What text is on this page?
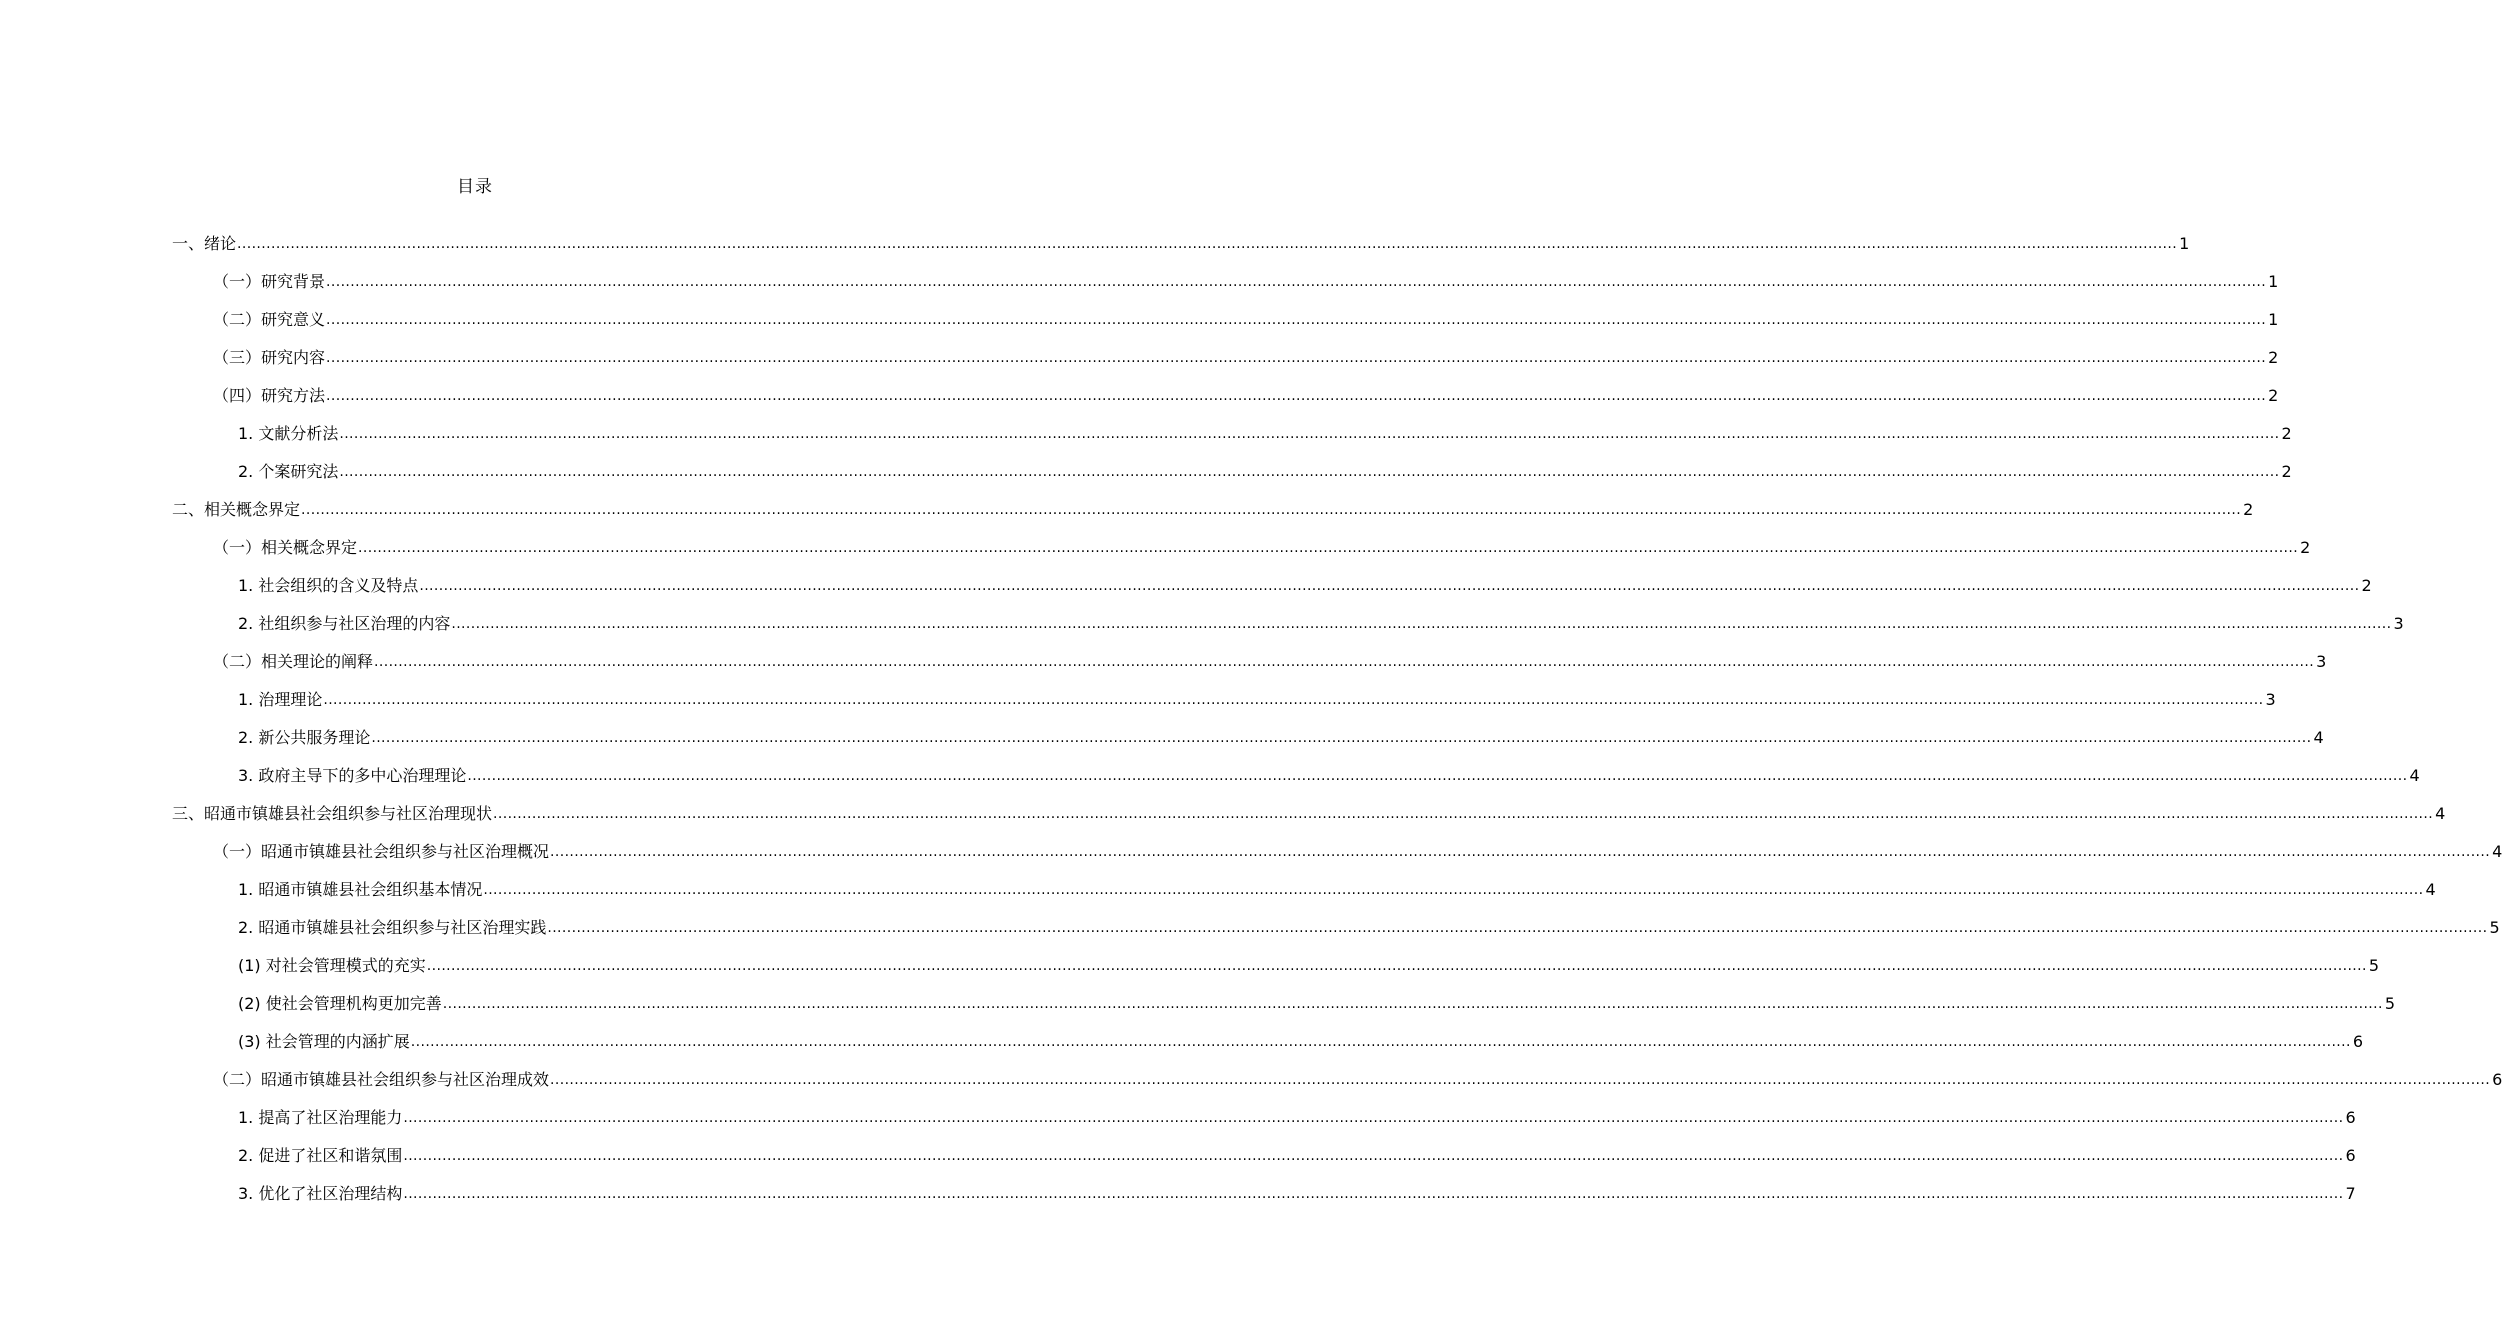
目录
一、绪论 ................................................................................................................................................................................................................................................................................................................................................................................................................ 1
（一）研究背景 ................................................................................................................................................................................................................................................................................................................................................................................................................ 1
（二）研究意义 ................................................................................................................................................................................................................................................................................................................................................................................................................ 1
（三）研究内容 ................................................................................................................................................................................................................................................................................................................................................................................................................ 2
（四）研究方法 ................................................................................................................................................................................................................................................................................................................................................................................................................ 2
1. 文献分析法 ................................................................................................................................................................................................................................................................................................................................................................................................................ 2
2. 个案研究法 ................................................................................................................................................................................................................................................................................................................................................................................................................ 2
二、相关概念界定 ................................................................................................................................................................................................................................................................................................................................................................................................................ 2
（一）相关概念界定 ................................................................................................................................................................................................................................................................................................................................................................................................................ 2
1. 社会组织的含义及特点 ................................................................................................................................................................................................................................................................................................................................................................................................................ 2
2. 社组织参与社区治理的内容 ................................................................................................................................................................................................................................................................................................................................................................................................................ 3
（二）相关理论的阐释 ................................................................................................................................................................................................................................................................................................................................................................................................................ 3
1. 治理理论 ................................................................................................................................................................................................................................................................................................................................................................................................................ 3
2. 新公共服务理论 ................................................................................................................................................................................................................................................................................................................................................................................................................ 4
3. 政府主导下的多中心治理理论 ................................................................................................................................................................................................................................................................................................................................................................................................................ 4
三、昭通市镇雄县社会组织参与社区治理现状 ................................................................................................................................................................................................................................................................................................................................................................................................................ 4
（一）昭通市镇雄县社会组织参与社区治理概况 ................................................................................................................................................................................................................................................................................................................................................................................................................ 4
1. 昭通市镇雄县社会组织基本情况 ................................................................................................................................................................................................................................................................................................................................................................................................................ 4
2. 昭通市镇雄县社会组织参与社区治理实践 ................................................................................................................................................................................................................................................................................................................................................................................................................ 5
(1) 对社会管理模式的充实 ................................................................................................................................................................................................................................................................................................................................................................................................................ 5
(2) 使社会管理机构更加完善 ................................................................................................................................................................................................................................................................................................................................................................................................................ 5
(3) 社会管理的内涵扩展 ................................................................................................................................................................................................................................................................................................................................................................................................................ 6
（二）昭通市镇雄县社会组织参与社区治理成效 ................................................................................................................................................................................................................................................................................................................................................................................................................ 6
1. 提高了社区治理能力 ................................................................................................................................................................................................................................................................................................................................................................................................................ 6
2. 促进了社区和谐氛围 ................................................................................................................................................................................................................................................................................................................................................................................................................ 6
3. 优化了社区治理结构 ................................................................................................................................................................................................................................................................................................................................................................................................................ 7
